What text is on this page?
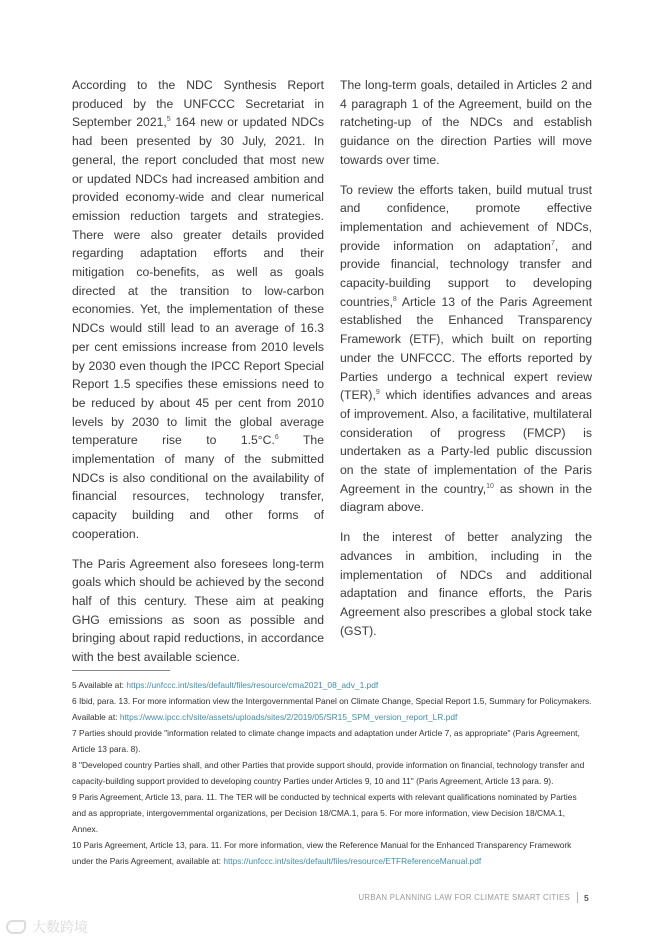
According to the NDC Synthesis Report produced by the UNFCCC Secretariat in September 2021,$^5$ 164 new or updated NDCs had been presented by 30 July, 2021. In general, the report concluded that most new or updated NDCs had increased ambition and provided economy-wide and clear numerical emission reduction targets and strategies. There were also greater details provided regarding adaptation efforts and their mitigation co-benefits, as well as goals directed at the transition to low-carbon economies. Yet, the implementation of these NDCs would still lead to an average of 16.3 per cent emissions increase from 2010 levels by 2030 even though the IPCC Report Special Report 1.5 specifies these emissions need to be reduced by about 45 per cent from 2010 levels by 2030 to limit the global average temperature rise to 1.5°C.$^6$ The implementation of many of the submitted NDCs is also conditional on the availability of financial resources, technology transfer, capacity building and other forms of cooperation.

The Paris Agreement also foresees long-term goals which should be achieved by the second half of this century. These aim at peaking GHG emissions as soon as possible and bringing about rapid reductions, in accordance with the best available science.

The long-term goals, detailed in Articles 2 and 4 paragraph 1 of the Agreement, build on the ratcheting-up of the NDCs and establish guidance on the direction Parties will move towards over time.

To review the efforts taken, build mutual trust and confidence, promote effective implementation and achievement of NDCs, provide information on adaptation$^7$, and provide financial, technology transfer and capacity-building support to developing countries,$^8$ Article 13 of the Paris Agreement established the Enhanced Transparency Framework (ETF), which built on reporting under the UNFCCC. The efforts reported by Parties undergo a technical expert review (TER),$^9$ which identifies advances and areas of improvement. Also, a facilitative, multilateral consideration of progress (FMCP) is undertaken as a Party-led public discussion on the state of implementation of the Paris Agreement in the country,$^{10}$ as shown in the diagram above.

In the interest of better analyzing the advances in ambition, including in the implementation of NDCs and additional adaptation and finance efforts, the Paris Agreement also prescribes a global stock take (GST).

5 Available at: https://unfccc.int/sites/default/files/resource/cma2021_08_adv_1.pdf
6 Ibid, para. 13. For more information view the Intergovernmental Panel on Climate Change, Special Report 1.5, Summary for Policymakers. Available at: https://www.ipcc.ch/site/assets/uploads/sites/2/2019/05/SR15_SPM_version_report_LR.pdf
7 Parties should provide "information related to climate change impacts and adaptation under Article 7, as appropriate" (Paris Agreement, Article 13 para. 8).
8 "Developed country Parties shall, and other Parties that provide support should, provide information on financial, technology transfer and capacity-building support provided to developing country Parties under Articles 9, 10 and 11" (Paris Agreement, Article 13 para. 9).
9 Paris Agreement, Article 13, para. 11. The TER will be conducted by technical experts with relevant qualifications nominated by Parties and as appropriate, intergovernmental organizations, per Decision 18/CMA.1, para 5. For more information, view Decision 18/CMA.1, Annex.
10 Paris Agreement, Article 13, para. 11. For more information, view the Reference Manual for the Enhanced Transparency Framework under the Paris Agreement, available at: https://unfccc.int/sites/default/files/resource/ETFReferenceManual.pdf
URBAN PLANNING LAW FOR CLIMATE SMART CITIES 5
大数跨境
